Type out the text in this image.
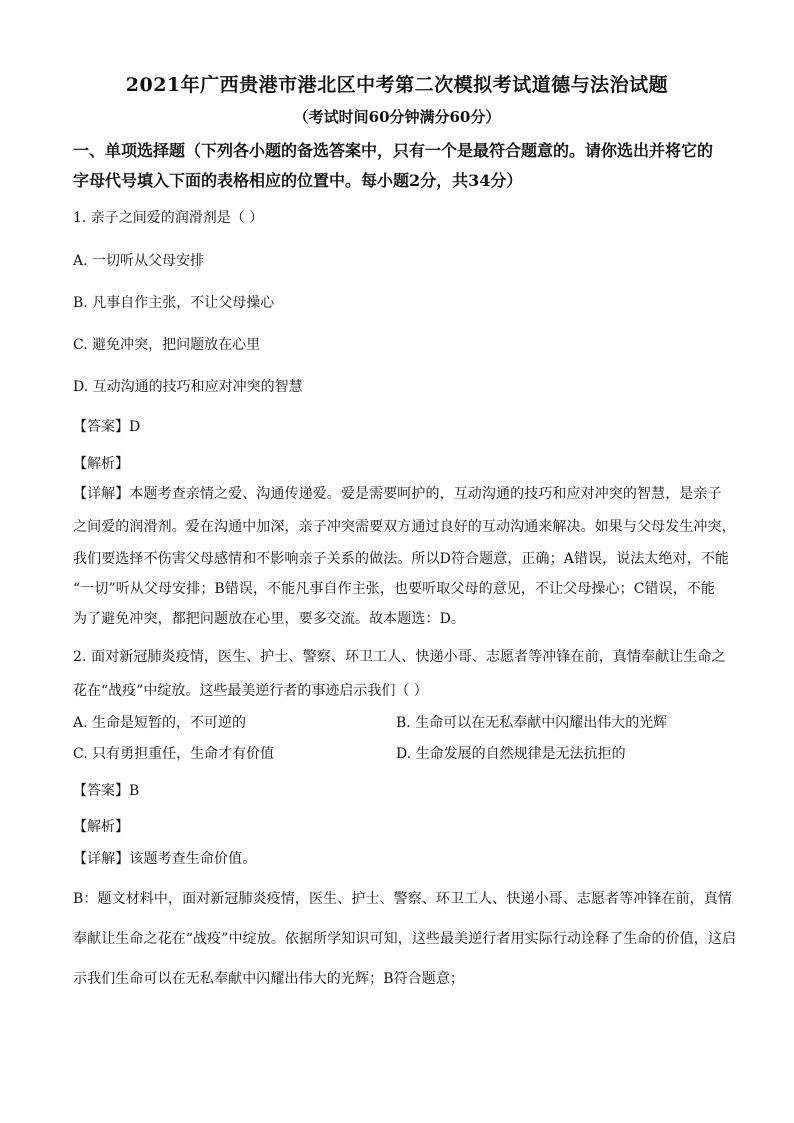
2021年广西贵港市港北区中考第二次模拟考试道德与法治试题
（考试时间60分钟满分60分）
一、单项选择题（下列各小题的备选答案中，只有一个是最符合题意的。请你选出并将它的
字母代号填入下面的表格相应的位置中。每小题2分，共34分）
1. 亲子之间爱的润滑剂是（ ）
A. 一切听从父母安排
B. 凡事自作主张，不让父母操心
C. 避免冲突，把问题放在心里
D. 互动沟通的技巧和应对冲突的智慧
【答案】D
【解析】
【详解】本题考查亲情之爱、沟通传递爱。爱是需要呵护的，互动沟通的技巧和应对冲突的智慧，是亲子
之间爱的润滑剂。爱在沟通中加深，亲子冲突需要双方通过良好的互动沟通来解决。如果与父母发生冲突，
我们要选择不伤害父母感情和不影响亲子关系的做法。所以D符合题意，正确；A错误，说法太绝对，不能
“一切”听从父母安排；B错误，不能凡事自作主张，也要听取父母的意见，不让父母操心；C错误，不能
为了避免冲突，都把问题放在心里，要多交流。故本题选：D。
2. 面对新冠肺炎疫情，医生、护士、警察、环卫工人、快递小哥、志愿者等冲锋在前，真情奉献让生命之
花在“战疫”中绽放。这些最美逆行者的事迹启示我们（ ）
A. 生命是短暂的，不可逆的	B. 生命可以在无私奉献中闪耀出伟大的光辉
C. 只有勇担重任，生命才有价值	D. 生命发展的自然规律是无法抗拒的
【答案】B
【解析】
【详解】该题考查生命价值。
B：题文材料中，面对新冠肺炎疫情，医生、护士、警察、环卫工人、快递小哥、志愿者等冲锋在前，真情
奉献让生命之花在“战疫”中绽放。依据所学知识可知，这些最美逆行者用实际行动诠释了生命的价值，这启
示我们生命可以在无私奉献中闪耀出伟大的光辉；B符合题意；
